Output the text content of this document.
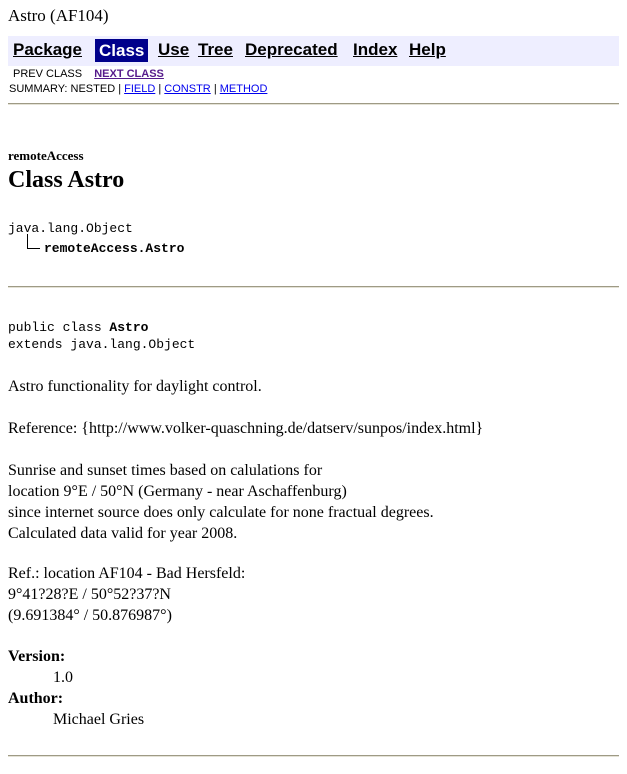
Astro (AF104)
Package Class Use Tree Deprecated Index Help
PREV CLASS NEXT CLASS
SUMMARY: NESTED | FIELD | CONSTR | METHOD
remoteAccess
Class Astro
java.lang.Object
remoteAccess.Astro
public class Astro
extends java.lang.Object
Astro functionality for daylight control.
Reference: {http://www.volker-quaschning.de/datserv/sunpos/index.html}
Sunrise and sunset times based on calulations for
location 9°E / 50°N (Germany - near Aschaffenburg)
since internet source does only calculate for none fractual degrees.
Calculated data valid for year 2008.
Ref.: location AF104 - Bad Hersfeld:
9°41?28?E / 50°52?37?N
(9.691384° / 50.876987°)
Version:
1.0
Author:
Michael Gries
